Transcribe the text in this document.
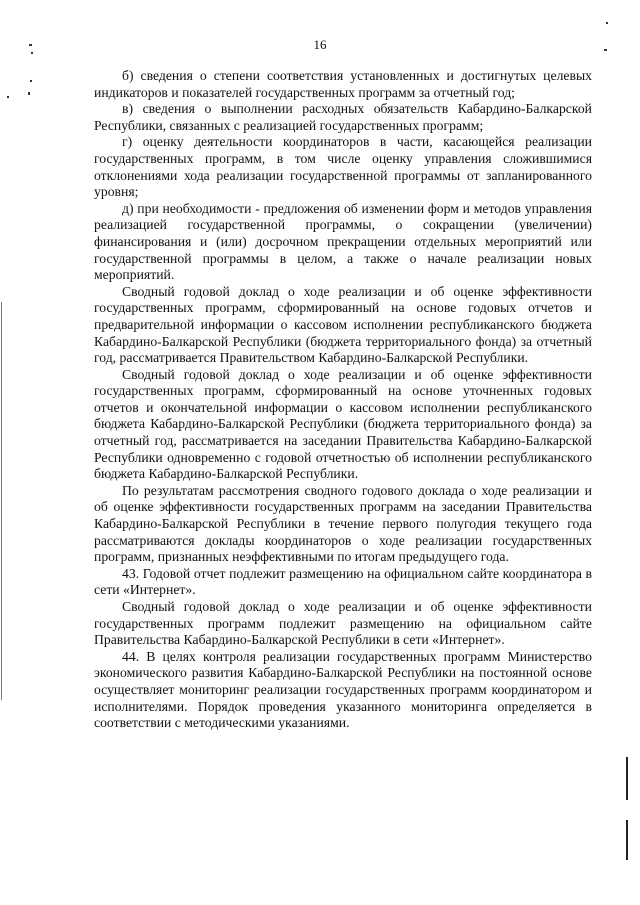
16

б) сведения о степени соответствия установленных и достигнутых целевых индикаторов и показателей государственных программ за отчетный год;

в) сведения о выполнении расходных обязательств Кабардино-Балкарской Республики, связанных с реализацией государственных программ;

г) оценку деятельности координаторов в части, касающейся реализации государственных программ, в том числе оценку управления сложившимися отклонениями хода реализации государственной программы от запланированного уровня;

д) при необходимости - предложения об изменении форм и методов управления реализацией государственной программы, о сокращении (увеличении) финансирования и (или) досрочном прекращении отдельных мероприятий или государственной программы в целом, а также о начале реализации новых мероприятий.

Сводный годовой доклад о ходе реализации и об оценке эффективности государственных программ, сформированный на основе годовых отчетов и предварительной информации о кассовом исполнении республиканского бюджета Кабардино-Балкарской Республики (бюджета территориального фонда) за отчетный год, рассматривается Правительством Кабардино-Балкарской Республики.

Сводный годовой доклад о ходе реализации и об оценке эффективности государственных программ, сформированный на основе уточненных годовых отчетов и окончательной информации о кассовом исполнении республиканского бюджета Кабардино-Балкарской Республики (бюджета территориального фонда) за отчетный год, рассматривается на заседании Правительства Кабардино-Балкарской Республики одновременно с годовой отчетностью об исполнении республиканского бюджета Кабардино-Балкарской Республики.

По результатам рассмотрения сводного годового доклада о ходе реализации и об оценке эффективности государственных программ на заседании Правительства Кабардино-Балкарской Республики в течение первого полугодия текущего года рассматриваются доклады координаторов о ходе реализации государственных программ, признанных неэффективными по итогам предыдущего года.

43. Годовой отчет подлежит размещению на официальном сайте координатора в сети «Интернет».

Сводный годовой доклад о ходе реализации и об оценке эффективности государственных программ подлежит размещению на официальном сайте Правительства Кабардино-Балкарской Республики в сети «Интернет».

44. В целях контроля реализации государственных программ Министерство экономического развития Кабардино-Балкарской Республики на постоянной основе осуществляет мониторинг реализации государственных программ координатором и исполнителями. Порядок проведения указанного мониторинга определяется в соответствии с методическими указаниями.
